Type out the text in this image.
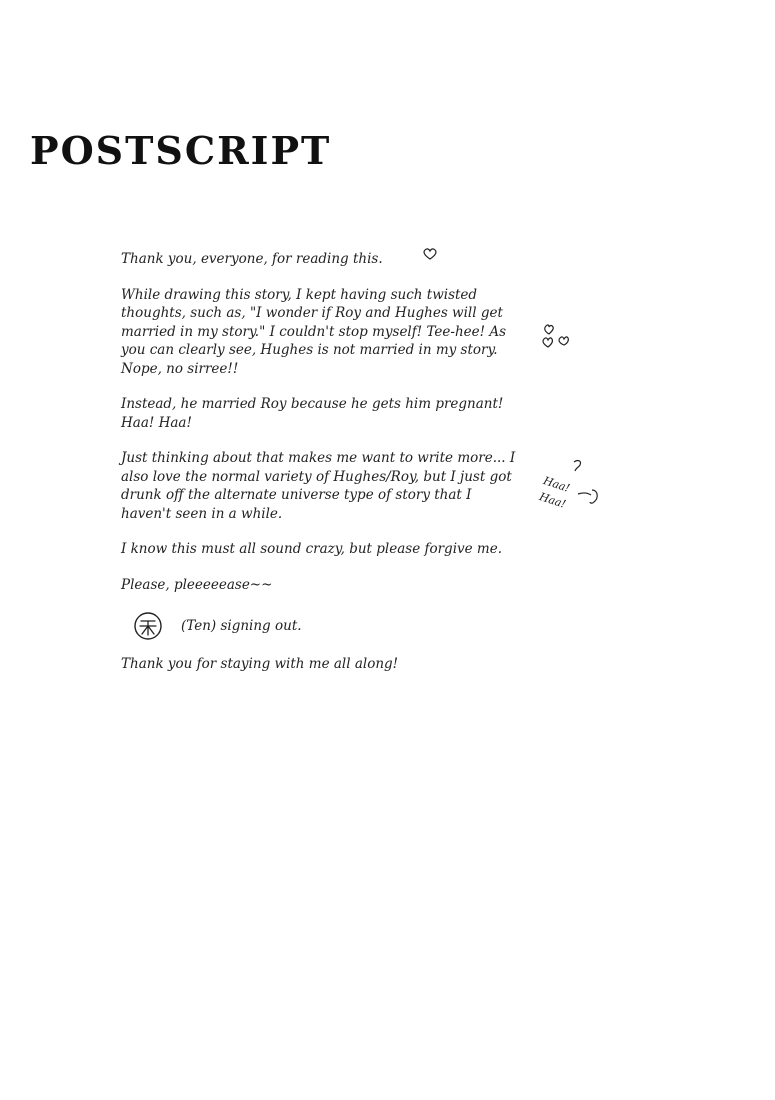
POSTSCRIPT

Thank you, everyone, for reading this.

While drawing this story, I kept having such twisted thoughts, such as, "I wonder if Roy and Hughes will get married in my story." I couldn't stop myself! Tee-hee! As you can clearly see, Hughes is not married in my story. Nope, no sirree!!

Instead, he married Roy because he gets him pregnant! Haa! Haa!

Just thinking about that makes me want to write more... I also love the normal variety of Hughes/Roy, but I just got drunk off the alternate universe type of story that I haven't seen in a while.

I know this must all sound crazy, but please forgive me.

Please, pleeeeease~~

(Ten) signing out.

Thank you for staying with me all along!

Haa!
Haa!
